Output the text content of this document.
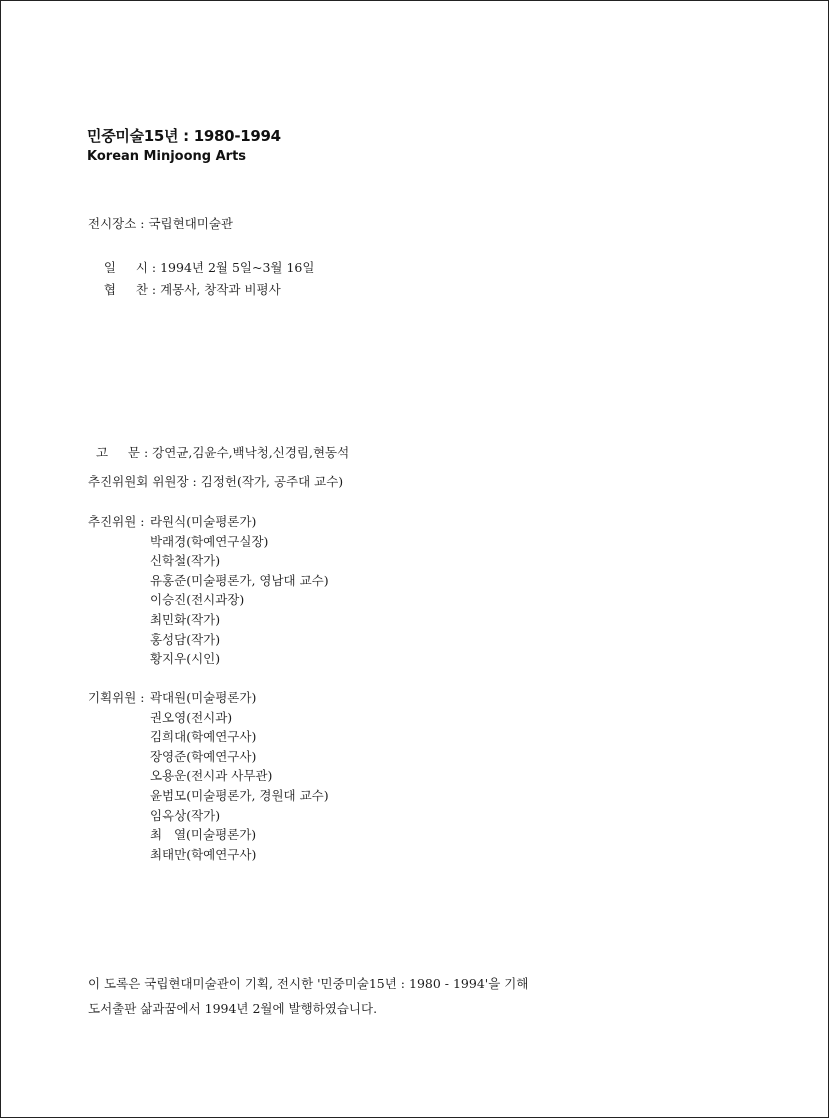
민중미술15년 : 1980-1994
Korean Minjoong Arts
전시장소 : 국립현대미술관

일     시 : 1994년 2월 5일~3월 16일

협     찬 : 계몽사, 창작과 비평사

고     문 : 강연균,김윤수,백낙청,신경림,현동석

추진위원회 위원장 : 김정헌(작가, 공주대 교수)
추진위원 : 라원식(미술평론가)
박래경(학예연구실장)
신학철(작가)
유홍준(미술평론가, 영남대 교수)
이승진(전시과장)
최민화(작가)
홍성담(작가)
황지우(시인)
기획위원 : 곽대원(미술평론가)
권오영(전시과)
김희대(학예연구사)
장영준(학예연구사)
오용운(전시과 사무관)
윤범모(미술평론가, 경원대 교수)
임옥상(작가)
최   열(미술평론가)
최태만(학예연구사)
이 도록은 국립현대미술관이 기획, 전시한 '민중미술15년 : 1980 - 1994'을 기해
도서출판 삶과꿈에서 1994년 2월에 발행하였습니다.
